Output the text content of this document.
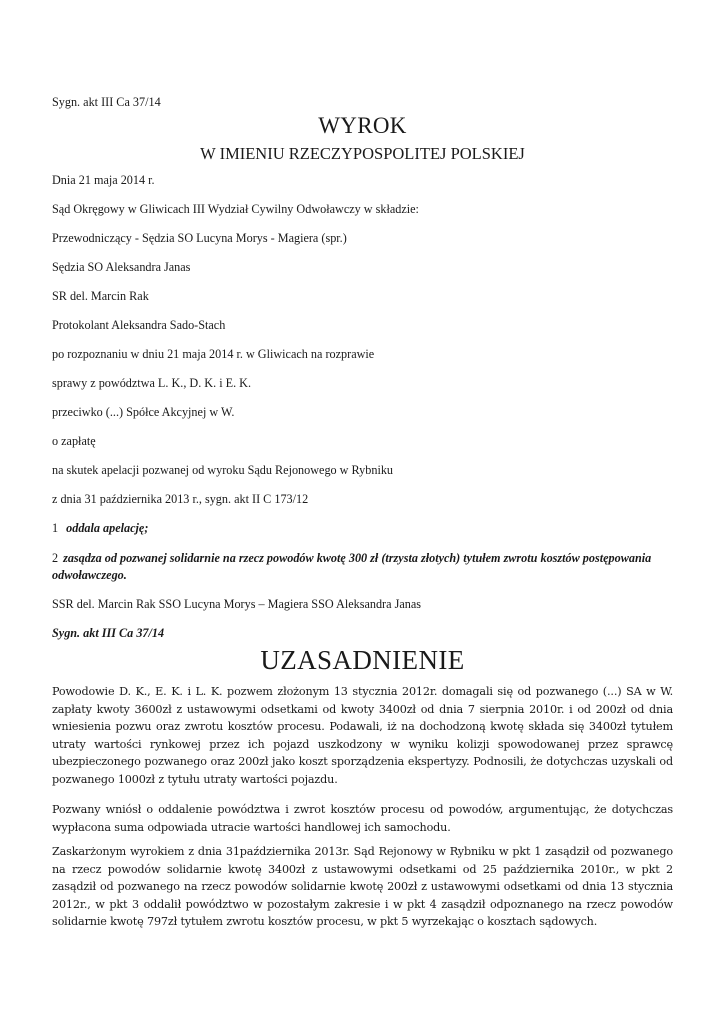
Sygn. akt III Ca 37/14
WYROK
W IMIENIU RZECZYPOSPOLITEJ POLSKIEJ
Dnia 21 maja 2014 r.
Sąd Okręgowy w Gliwicach III Wydział Cywilny Odwoławczy w składzie:
Przewodniczący - Sędzia SO Lucyna Morys - Magiera (spr.)
Sędzia SO Aleksandra Janas
SR del. Marcin Rak
Protokolant Aleksandra Sado-Stach
po rozpoznaniu w dniu 21 maja 2014 r. w Gliwicach na rozprawie
sprawy z powództwa L. K., D. K. i E. K.
przeciwko (...) Spółce Akcyjnej w W.
o zapłatę
na skutek apelacji pozwanej od wyroku Sądu Rejonowego w Rybniku
z dnia 31 października 2013 r., sygn. akt II C 173/12
1 oddala apelację;
2 zasądza od pozwanej solidarnie na rzecz powodów kwotę 300 zł (trzysta złotych) tytułem zwrotu kosztów postępowania odwoławczego.
SSR del. Marcin Rak SSO Lucyna Morys – Magiera SSO Aleksandra Janas
Sygn. akt III Ca 37/14
UZASADNIENIE
Powodowie D. K., E. K. i L. K. pozwem złożonym 13 stycznia 2012r. domagali się od pozwanego (...) SA w W. zapłaty kwoty 3600zł z ustawowymi odsetkami od kwoty 3400zł od dnia 7 sierpnia 2010r. i od 200zł od dnia wniesienia pozwu oraz zwrotu kosztów procesu. Podawali, iż na dochodzoną kwotę składa się 3400zł tytułem utraty wartości rynkowej przez ich pojazd uszkodzony w wyniku kolizji spowodowanej przez sprawcę ubezpieczonego pozwanego oraz 200zł jako koszt sporządzenia ekspertyzy. Podnosili, że dotychczas uzyskali od pozwanego 1000zł z tytułu utraty wartości pojazdu.
Pozwany wniósł o oddalenie powództwa i zwrot kosztów procesu od powodów, argumentując, że dotychczas wypłacona suma odpowiada utracie wartości handlowej ich samochodu.
Zaskarżonym wyrokiem z dnia 31października 2013r. Sąd Rejonowy w Rybniku w pkt 1 zasądził od pozwanego na rzecz powodów solidarnie kwotę 3400zł z ustawowymi odsetkami od 25 października 2010r., w pkt 2 zasądził od pozwanego na rzecz powodów solidarnie kwotę 200zł z ustawowymi odsetkami od dnia 13 stycznia 2012r., w pkt 3 oddalił powództwo w pozostałym zakresie i w pkt 4 zasądził odpoznanego na rzecz powodów solidarnie kwotę 797zł tytułem zwrotu kosztów procesu, w pkt 5 wyrzekając o kosztach sądowych.
